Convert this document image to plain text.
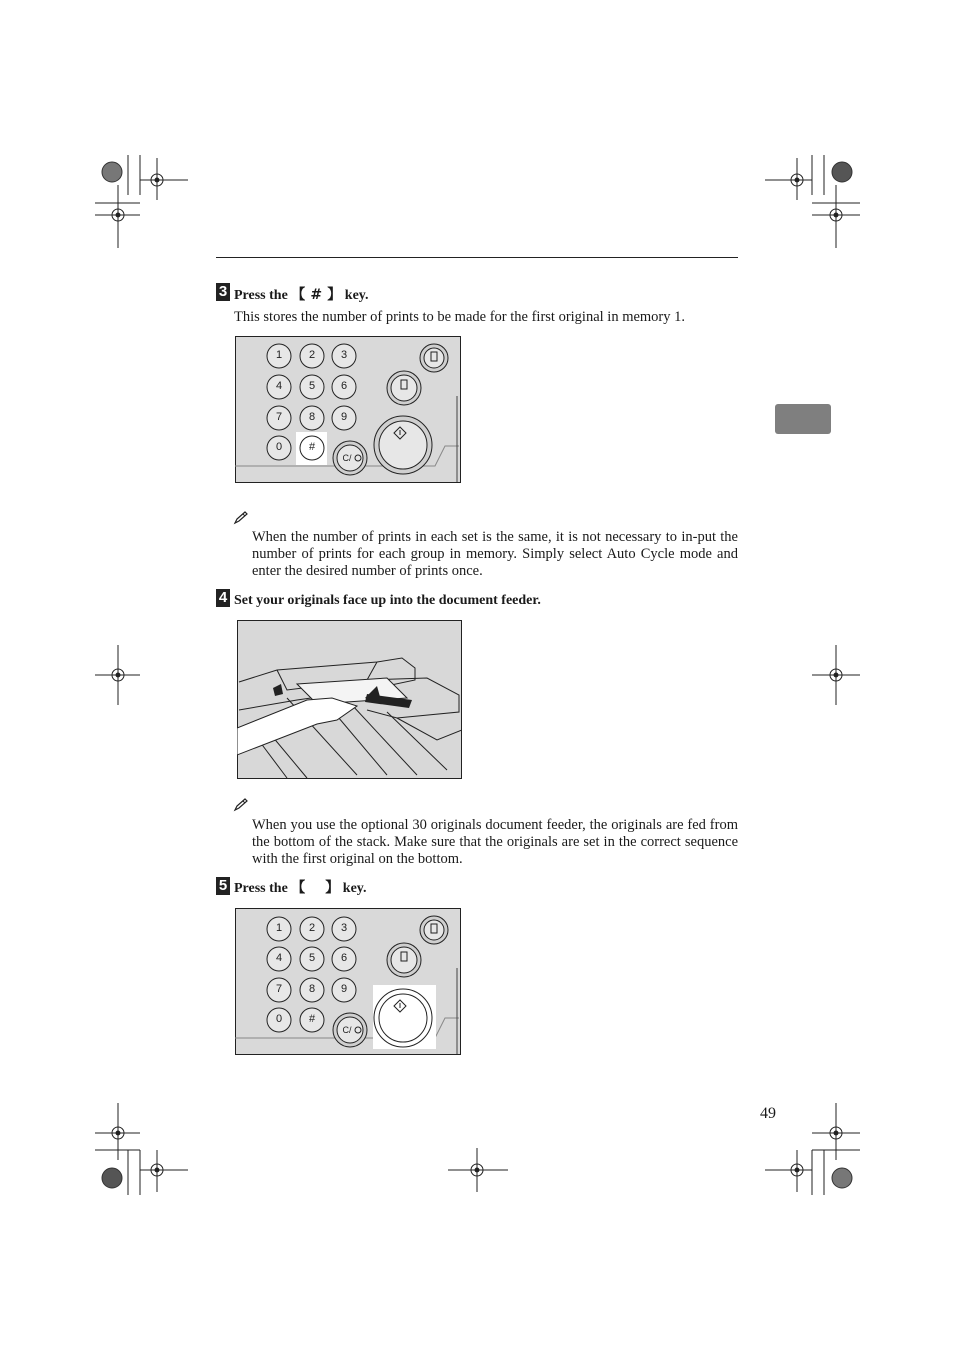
3 Press the 【 # 】 key.
This stores the number of prints to be made for the first original in memory 1.
1 2 3
4 5 6
7 8 9
0 #
C/
When the number of prints in each set is the same, it is not necessary to in-put the number of prints for each group in memory. Simply select Auto Cycle mode and enter the desired number of prints once.
4 Set your originals face up into the document feeder.
When you use the optional 30 originals document feeder, the originals are fed from the bottom of the stack. Make sure that the originals are set in the correct sequence with the first original on the bottom.
5 Press the 【 】 key.
1 2 3
4 5 6
7 8 9
0 #
C/
49
